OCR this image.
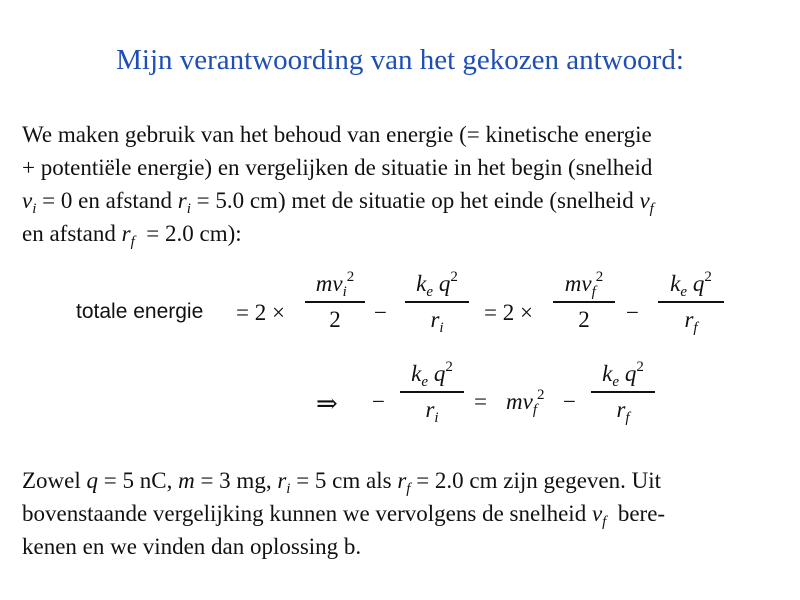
Mijn verantwoording van het gekozen antwoord:
We maken gebruik van het behoud van energie (= kinetische energie
+ potentiële energie) en vergelijken de situatie in het begin (snelheid
$v_i = 0$ en afstand $r_i = 5.0$ cm) met de situatie op het einde (snelheid $v_f$
en afstand $r_f = 2.0$ cm):
totale energie = 2 ×
$mv_i^2$
2	−
$k_e$ $q^2$
$r_i$
= 2 ×
$mv_f^2$
2	−
$k_e$ $q^2$
$r_f$
⇒ −
$k_e$ $q^2$
$r_i$
= $mv_f^2$ −
$k_e$ $q^2$
$r_f$
Zowel q = 5 nC, m = 3 mg, $r_i = 5$ cm als $r_f = 2.0$ cm zijn gegeven. Uit
bovenstaande vergelijking kunnen we vervolgens de snelheid $v_f$  bere-
kenen en we vinden dan oplossing b.
